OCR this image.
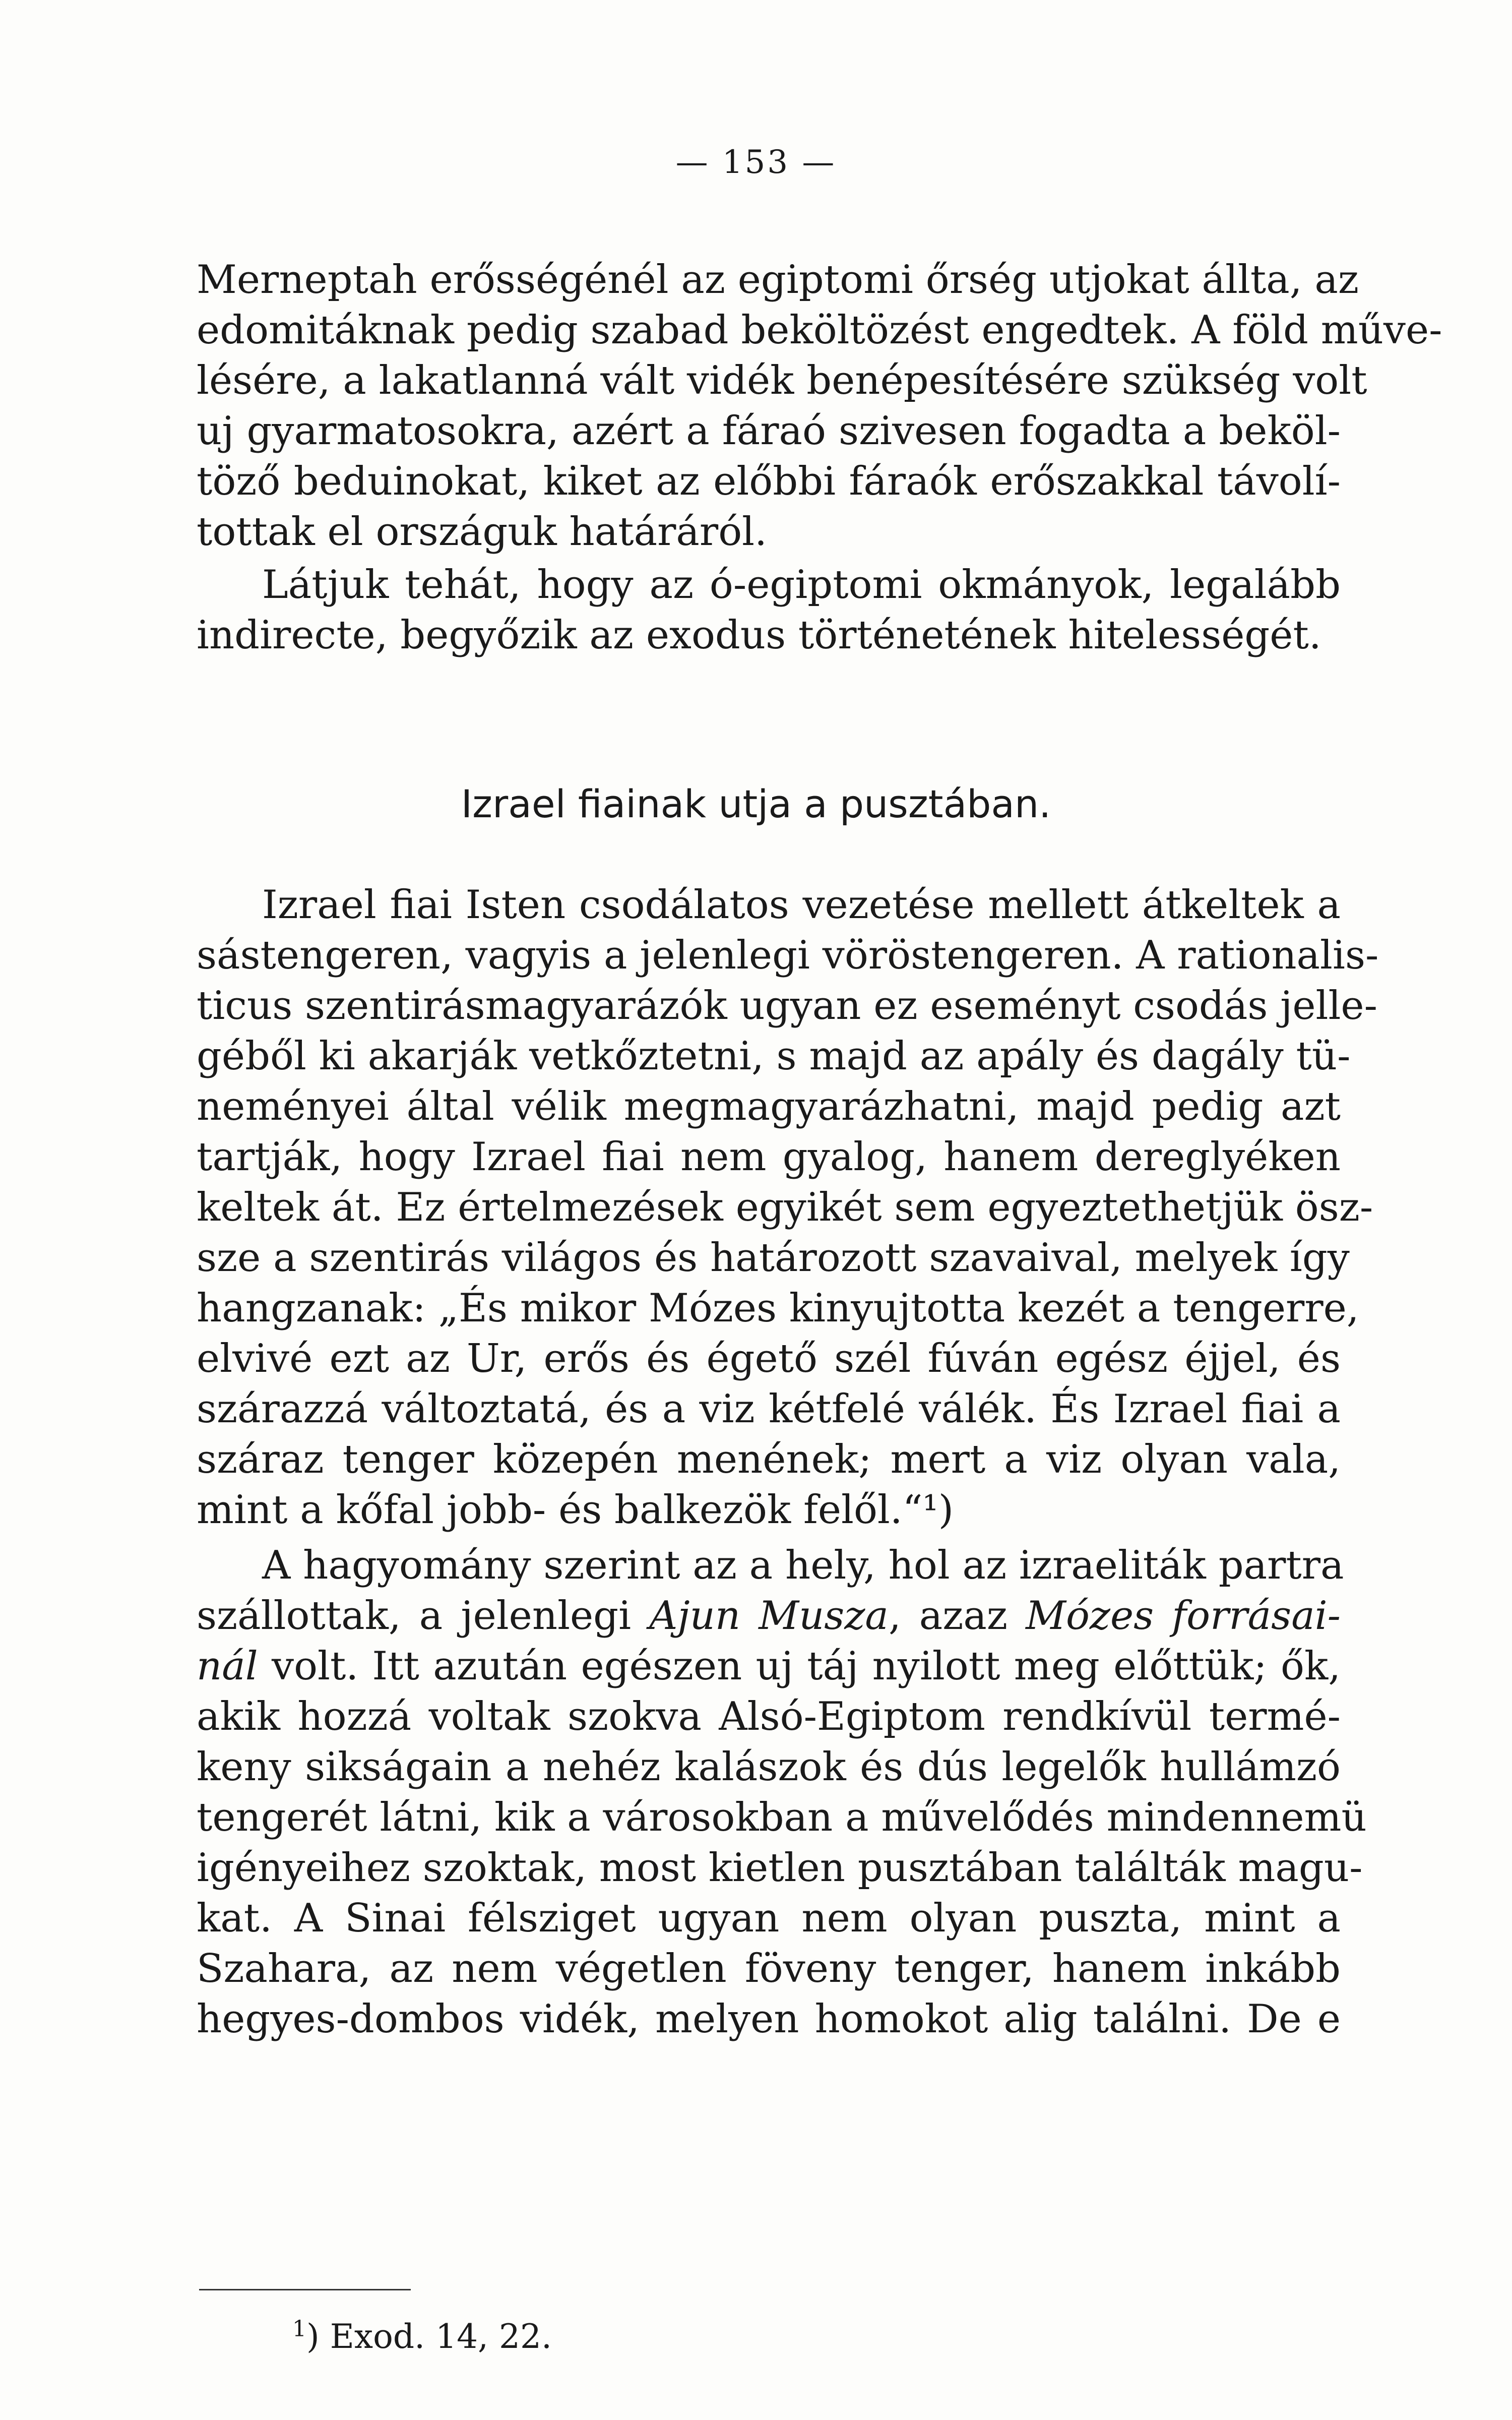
— 153 —
Merneptah erősségénél az egiptomi őrség utjokat állta, az
edomitáknak pedig szabad beköltözést engedtek. A föld műve-
lésére, a lakatlanná vált vidék benépesítésére szükség volt
uj gyarmatosokra, azért a fáraó szivesen fogadta a beköl-
töző beduinokat, kiket az előbbi fáraók erőszakkal távolí-
tottak el országuk határáról.
Látjuk tehát, hogy az ó-egiptomi okmányok, legalább
indirecte, begyőzik az exodus történetének hitelességét.
Izrael fiainak utja a pusztában.
Izrael fiai Isten csodálatos vezetése mellett átkeltek a
sástengeren, vagyis a jelenlegi vöröstengeren. A rationalis-
ticus szentirásmagyarázók ugyan ez eseményt csodás jelle-
géből ki akarják vetkőztetni, s majd az apály és dagály tü-
neményei által vélik megmagyarázhatni, majd pedig azt
tartják, hogy Izrael fiai nem gyalog, hanem dereglyéken
keltek át. Ez értelmezések egyikét sem egyeztethetjük ösz-
sze a szentirás világos és határozott szavaival, melyek így
hangzanak: „És mikor Mózes kinyujtotta kezét a tengerre,
elvivé ezt az Ur, erős és égető szél fúván egész éjjel, és
szárazzá változtatá, és a viz kétfelé válék. És Izrael fiai a
száraz tenger közepén menének; mert a viz olyan vala,
mint a kőfal jobb- és balkezök felől.“¹)
A hagyomány szerint az a hely, hol az izraeliták partra
szállottak, a jelenlegi Ajun Musza, azaz Mózes forrásai-
nál volt. Itt azután egészen uj táj nyilott meg előttük; ők,
akik hozzá voltak szokva Alsó-Egiptom rendkívül termé-
keny sikságain a nehéz kalászok és dús legelők hullámzó
tengerét látni, kik a városokban a művelődés mindennemü
igényeihez szoktak, most kietlen pusztában találták magu-
kat. A Sinai félsziget ugyan nem olyan puszta, mint a
Szahara, az nem végetlen föveny tenger, hanem inkább
hegyes-dombos vidék, melyen homokot alig találni. De e
$^1$) Exod. 14, 22.
